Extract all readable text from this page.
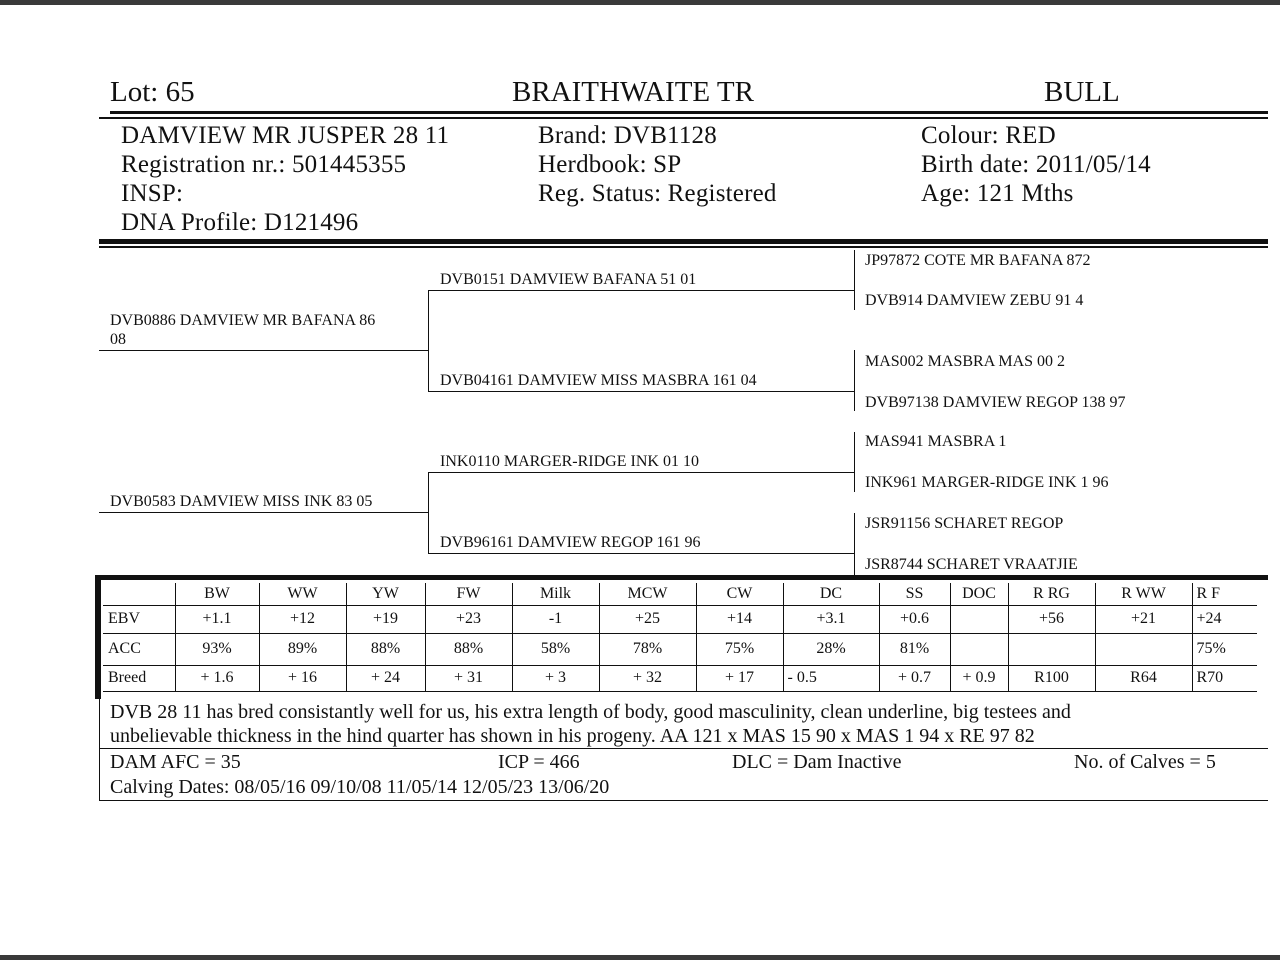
Lot: 65	BRAITHWAITE TR	BULL
DAMVIEW MR JUSPER 28 11
Registration nr.: 501445355
INSP:
DNA Profile: D121496
Brand: DVB1128
Herdbook: SP
Reg. Status: Registered
Colour: RED
Birth date: 2011/05/14
Age: 121 Mths
DVB0886 DAMVIEW MR BAFANA 86
08
DVB0583 DAMVIEW MISS INK 83 05
DVB0151 DAMVIEW BAFANA 51 01
DVB04161 DAMVIEW MISS MASBRA 161 04
INK0110 MARGER-RIDGE INK 01 10
DVB96161 DAMVIEW REGOP 161 96
JP97872 COTE MR BAFANA 872
DVB914 DAMVIEW ZEBU 91 4
MAS002 MASBRA MAS 00 2
DVB97138 DAMVIEW REGOP 138 97
MAS941 MASBRA 1
INK961 MARGER-RIDGE INK 1 96
JSR91156 SCHARET REGOP
JSR8744 SCHARET VRAATJIE
	BW	WW	YW	FW	Milk	MCW	CW	DC	SS	DOC	R RG	R WW	R F
EBV	+1.1	+12	+19	+23	-1	+25	+14	+3.1	+0.6		+56	+21	+24
ACC	93%	89%	88%	88%	58%	78%	75%	28%	81%				75%
Breed	+ 1.6	+ 16	+ 24	+ 31	+ 3	+ 32	+ 17	- 0.5	+ 0.7	+ 0.9	R100	R64	R70
DVB 28 11 has bred consistantly well for us, his extra length of body, good masculinity, clean underline, big testees and
unbelievable thickness in the hind quarter has shown in his progeny. AA 121 x MAS 15 90 x MAS 1 94 x RE 97 82
DAM AFC = 35	ICP = 466	DLC = Dam Inactive	No. of Calves = 5
Calving Dates: 08/05/16 09/10/08 11/05/14 12/05/23 13/06/20
